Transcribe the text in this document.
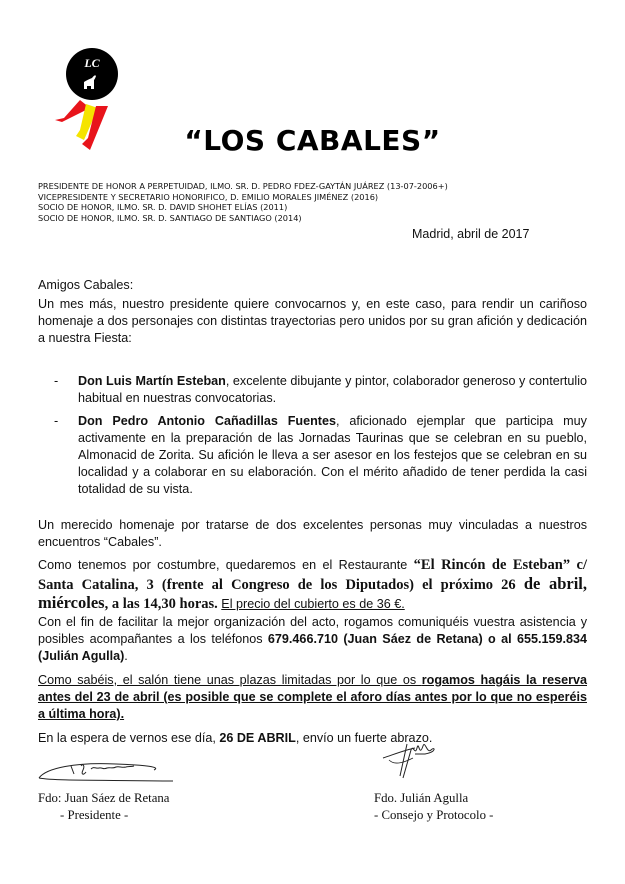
LC
“LOS CABALES”
PRESIDENTE DE HONOR A PERPETUIDAD, ILMO. SR. D. PEDRO FDEZ-GAYTÁN JUÁREZ (13-07-2006+)
VICEPRESIDENTE Y SECRETARIO HONORIFICO, D. EMILIO MORALES JIMÉNEZ (2016)
SOCIO DE HONOR, ILMO. SR. D. DAVID SHOHET ELÍAS (2011)
SOCIO DE HONOR, ILMO. SR. D. SANTIAGO DE SANTIAGO (2014)
Madrid, abril de 2017
Amigos Cabales:
Un mes más, nuestro presidente quiere convocarnos y, en este caso, para rendir un cariñoso homenaje a dos personajes con distintas trayectorias pero unidos por su gran afición y dedicación a nuestra Fiesta:
- Don Luis Martín Esteban, excelente dibujante y pintor, colaborador generoso y contertulio habitual en nuestras convocatorias.
- Don Pedro Antonio Cañadillas Fuentes, aficionado ejemplar que participa muy activamente en la preparación de las Jornadas Taurinas que se celebran en su pueblo, Almonacid de Zorita. Su afición le lleva a ser asesor en los festejos que se celebran en su localidad y a colaborar en su elaboración. Con el mérito añadido de tener perdida la casi totalidad de su vista.
Un merecido homenaje por tratarse de dos excelentes personas muy vinculadas a nuestros encuentros “Cabales”.
Como tenemos por costumbre, quedaremos en el Restaurante “El Rincón de Esteban” c/ Santa Catalina, 3 (frente al Congreso de los Diputados) el próximo 26 de abril, miércoles, a las 14,30 horas. El precio del cubierto es de 36 €.
Con el fin de facilitar la mejor organización del acto, rogamos comuniquéis vuestra asistencia y posibles acompañantes a los teléfonos 679.466.710 (Juan Sáez de Retana) o al 655.159.834 (Julián Agulla).
Como sabéis, el salón tiene unas plazas limitadas por lo que os rogamos hagáis la reserva antes del 23 de abril (es posible que se complete el aforo días antes por lo que no esperéis a última hora).
En la espera de vernos ese día, 26 DE ABRIL, envío un fuerte abrazo.
Fdo: Juan Sáez de Retana
- Presidente -
Fdo. Julián Agulla
- Consejo y Protocolo -
